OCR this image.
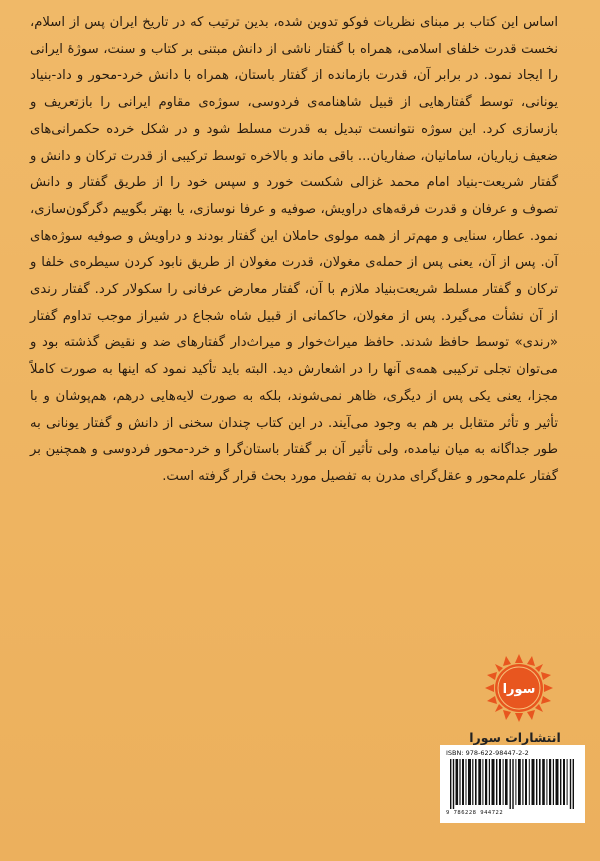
اساس این کتاب بر مبنای نظریات فوکو تدوین شده، بدین ترتیب که در تاریخ ایران پس از اسلام، نخست قدرت خلفای اسلامی، همراه با گفتار ناشی از دانش مبتنی بر کتاب و سنت، سوژهٔ ایرانی را ایجاد نمود. در برابر آن، قدرت بازمانده از گفتار باستان، همراه با دانش خرد-محور و داد-بنیاد یونانی، توسط گفتارهایی از قبیل شاهنامه‌ی فردوسی، سوژه‌ی مقاوم ایرانی را بازتعریف و بازسازی کرد. این سوژه نتوانست تبدیل به قدرت مسلط شود و در شکل خرده حکمرانی‌های ضعیف زیاریان، سامانیان، صفاریان... باقی ماند و بالاخره توسط ترکیبی از قدرت ترکان و دانش و گفتار شریعت-بنیاد امام محمد غزالی شکست خورد و سپس خود را از طریق گفتار و دانش تصوف و عرفان و قدرت فرقه‌های دراویش، صوفیه و عرفا نوسازی، یا بهتر بگوییم دگرگون‌سازی، نمود. عطار، سنایی و مهم‌تر از همه مولوی حاملان این گفتار بودند و دراویش و صوفیه سوژه‌های آن. پس از آن، یعنی پس از حمله‌ی مغولان، قدرت مغولان از طریق نابود کردن سیطره‌ی خلفا و ترکان و گفتار مسلط شریعت‌بنیاد ملازم با آن، گفتار معارض عرفانی را سکولار کرد. گفتار رندی از آن نشأت می‌گیرد. پس از مغولان، حاکمانی از قبیل شاه شجاع در شیراز موجب تداوم گفتار «رندی» توسط حافظ شدند. حافظ میراث‌خوار و میراث‌دار گفتارهای ضد و نقیض گذشته بود و می‌توان تجلی ترکیبی همه‌ی آنها را در اشعارش دید. البته باید تأکید نمود که اینها به صورت کاملاً مجزا، یعنی یکی پس از دیگری، ظاهر نمی‌شوند، بلکه به صورت لایه‌هایی درهم، هم‌پوشان و با تأثیر و تأثر متقابل بر هم به وجود می‌آیند. در این کتاب چندان سخنی از دانش و گفتار یونانی به طور جداگانه به میان نیامده، ولی تأثیر آن بر گفتار باستان‌گرا و خرد-محور فردوسی و همچنین بر گفتار علم‌محور و عقل‌گرای مدرن به تفصیل مورد بحث قرار گرفته است.

سورا
انتشارات سورا
ISBN: 978-622-98447-2-2
9 786228 944722
